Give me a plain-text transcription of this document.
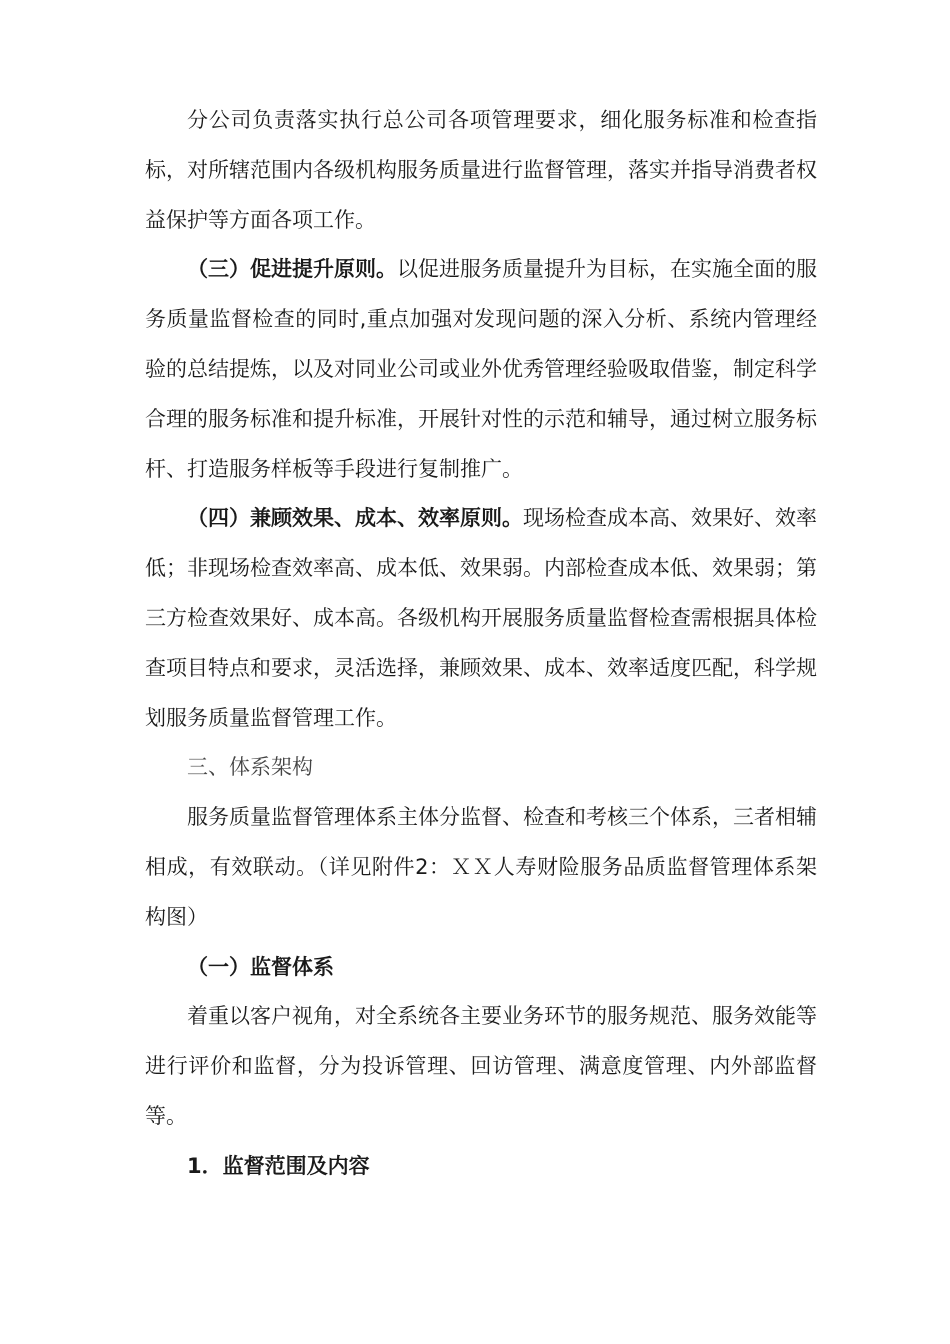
分公司负责落实执行总公司各项管理要求，细化服务标准和检查指标，对所辖范围内各级机构服务质量进行监督管理，落实并指导消费者权益保护等方面各项工作。

（三）促进提升原则。以促进服务质量提升为目标，在实施全面的服务质量监督检查的同时,重点加强对发现问题的深入分析、系统内管理经验的总结提炼，以及对同业公司或业外优秀管理经验吸取借鉴，制定科学合理的服务标准和提升标准，开展针对性的示范和辅导，通过树立服务标杆、打造服务样板等手段进行复制推广。

（四）兼顾效果、成本、效率原则。现场检查成本高、效果好、效率低；非现场检查效率高、成本低、效果弱。内部检查成本低、效果弱；第三方检查效果好、成本高。各级机构开展服务质量监督检查需根据具体检查项目特点和要求，灵活选择，兼顾效果、成本、效率适度匹配，科学规划服务质量监督管理工作。

三、体系架构

服务质量监督管理体系主体分监督、检查和考核三个体系，三者相辅相成，有效联动。（详见附件2：ＸＸ人寿财险服务品质监督管理体系架构图）

（一）监督体系

着重以客户视角，对全系统各主要业务环节的服务规范、服务效能等进行评价和监督，分为投诉管理、回访管理、满意度管理、内外部监督等。

1．监督范围及内容
